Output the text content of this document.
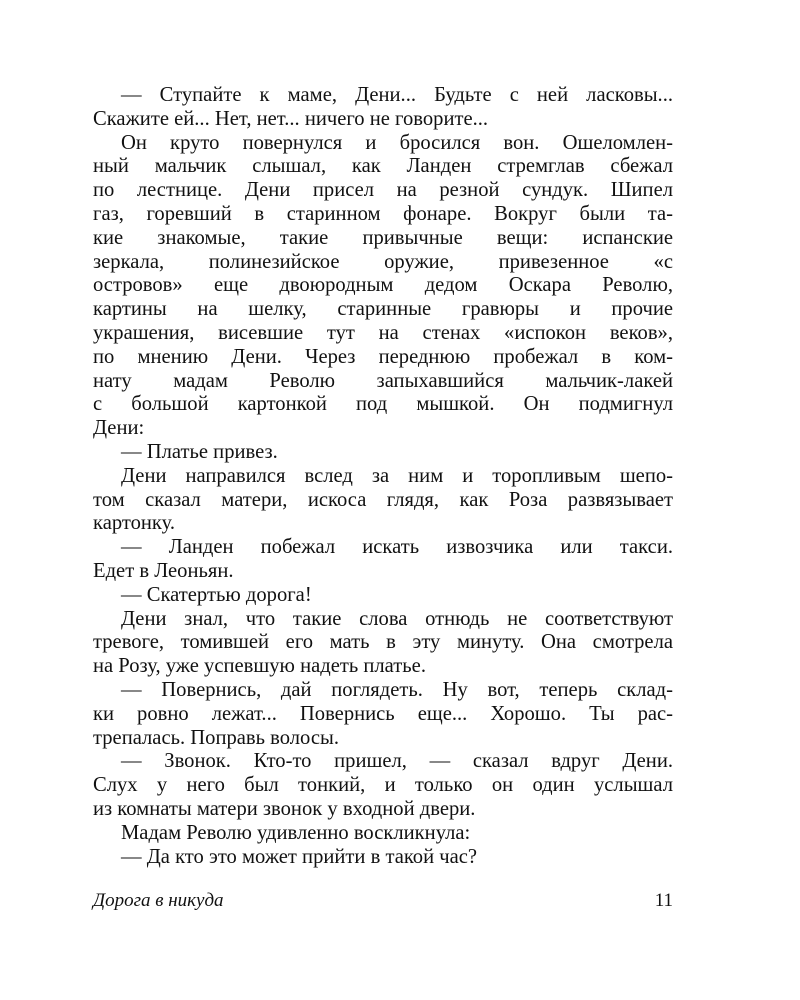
— Ступайте к маме, Дени... Будьте с ней ласковы...
Скажите ей... Нет, нет... ничего не говорите...
Он круто повернулся и бросился вон. Ошеломлен-
ный мальчик слышал, как Ланден стремглав сбежал
по лестнице. Дени присел на резной сундук. Шипел
газ, горевший в старинном фонаре. Вокруг были та-
кие знакомые, такие привычные вещи: испанские
зеркала, полинезийское оружие, привезенное «с
островов» еще двоюродным дедом Оскара Револю,
картины на шелку, старинные гравюры и прочие
украшения, висевшие тут на стенах «испокон веков»,
по мнению Дени. Через переднюю пробежал в ком-
нату мадам Револю запыхавшийся мальчик-лакей
с большой картонкой под мышкой. Он подмигнул
Дени:
— Платье привез.
Дени направился вслед за ним и торопливым шепо-
том сказал матери, искоса глядя, как Роза развязывает
картонку.
— Ланден побежал искать извозчика или такси.
Едет в Леоньян.
— Скатертью дорога!
Дени знал, что такие слова отнюдь не соответствуют
тревоге, томившей его мать в эту минуту. Она смотрела
на Розу, уже успевшую надеть платье.
— Повернись, дай поглядеть. Ну вот, теперь склад-
ки ровно лежат... Повернись еще... Хорошо. Ты рас-
трепалась. Поправь волосы.
— Звонок. Кто-то пришел, — сказал вдруг Дени.
Слух у него был тонкий, и только он один услышал
из комнаты матери звонок у входной двери.
Мадам Револю удивленно воскликнула:
— Да кто это может прийти в такой час?
Дорога в никуда	11
